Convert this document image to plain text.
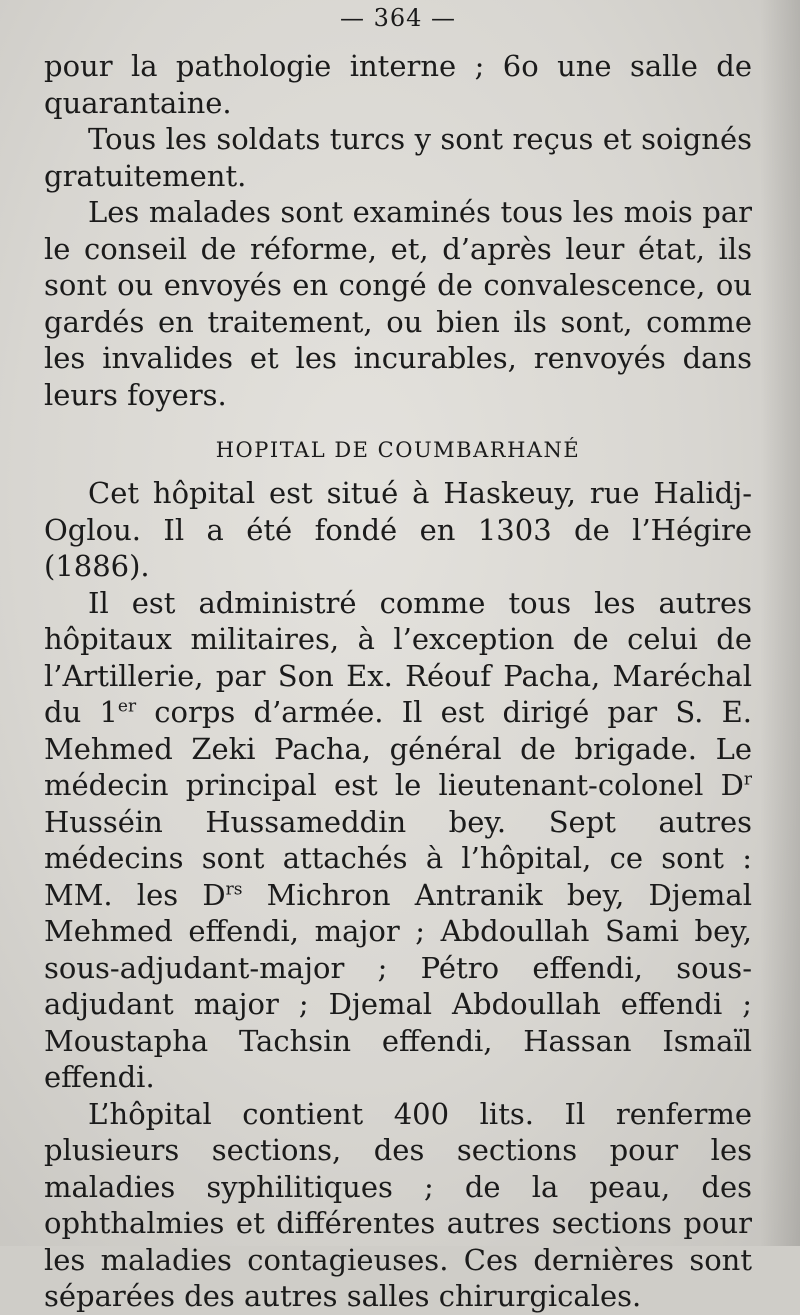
— 364 —

pour la pathologie interne ; 6o une salle de quarantaine.

Tous les soldats turcs y sont reçus et soignés gratuitement.

Les malades sont examinés tous les mois par le conseil de réforme, et, d’après leur état, ils sont ou envoyés en congé de convalescence, ou gardés en traitement, ou bien ils sont, comme les invalides et les incurables, renvoyés dans leurs foyers.

HOPITAL DE COUMBARHANÉ

Cet hôpital est situé à Haskeuy, rue Halidj-Oglou. Il a été fondé en 1303 de l’Hégire (1886).

Il est administré comme tous les autres hôpitaux militaires, à l’exception de celui de l’Artillerie, par Son Ex. Réouf Pacha, Maréchal du 1er corps d’armée. Il est dirigé par S. E. Mehmed Zeki Pacha, général de brigade. Le médecin principal est le lieutenant-colonel $D^r$ Husséin Hussameddin bey. Sept autres médecins sont attachés à l’hôpital, ce sont : MM. les $D^{rs}$ Michron Antranik bey, Djemal Mehmed effendi, major ; Abdoullah Sami bey, sous-adjudant-major ; Pétro effendi, sous-adjudant major ; Djemal Abdoullah effendi ; Moustapha Tachsin effendi, Hassan Ismaïl effendi.

L’hôpital contient 400 lits. Il renferme plusieurs sections, des sections pour les maladies syphilitiques ; de la peau, des ophthalmies et différentes autres sections pour les maladies contagieuses. Ces dernières sont séparées des autres salles chirurgicales.
